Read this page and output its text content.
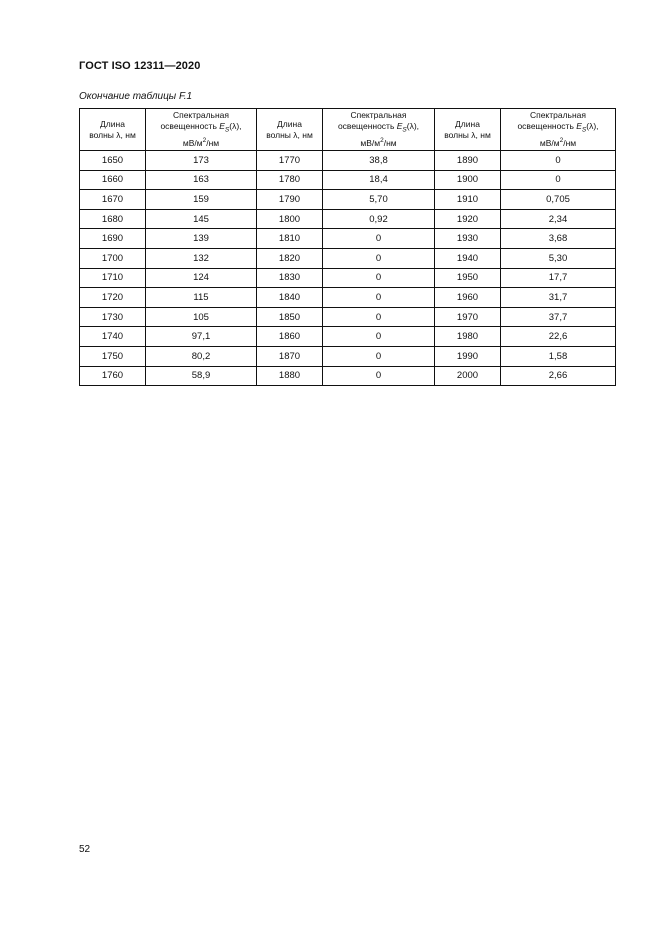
ГОСТ ISO 12311—2020
Окончание таблицы F.1
Длина
волны λ, нм	Спектральная
освещенность $E_S(\lambda)$,
$мВ/м^2/нм$	Длина
волны λ, нм	Спектральная
освещенность $E_S(\lambda)$,
$мВ/м^2/нм$	Длина
волны λ, нм	Спектральная
освещенность $E_S(\lambda)$,
$мВ/м^2/нм$

1650	173	1770	38,8	1890	0
1660	163	1780	18,4	1900	0
1670	159	1790	5,70	1910	0,705
1680	145	1800	0,92	1920	2,34
1690	139	1810	0	1930	3,68
1700	132	1820	0	1940	5,30
1710	124	1830	0	1950	17,7
1720	115	1840	0	1960	31,7
1730	105	1850	0	1970	37,7
1740	97,1	1860	0	1980	22,6
1750	80,2	1870	0	1990	1,58
1760	58,9	1880	0	2000	2,66
52
